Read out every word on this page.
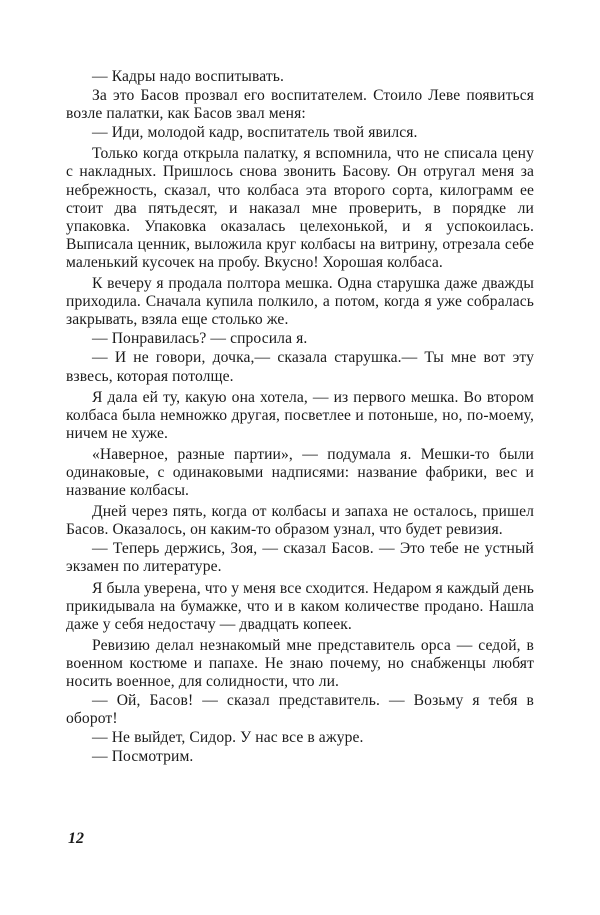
— Кадры надо воспитывать.

За это Басов прозвал его воспитателем. Стоило Леве появиться возле палатки, как Басов звал меня:

— Иди, молодой кадр, воспитатель твой явился.

Только когда открыла палатку, я вспомнила, что не списала цену с накладных. Пришлось снова звонить Басову. Он отругал меня за небрежность, сказал, что колбаса эта второго сорта, килограмм ее стоит два пятьдесят, и наказал мне проверить, в порядке ли упаковка. Упаковка оказалась целехонькой, и я успокоилась. Выписала ценник, выложила круг колбасы на витрину, отрезала себе маленький кусочек на пробу. Вкусно! Хорошая колбаса.

К вечеру я продала полтора мешка. Одна старушка даже дважды приходила. Сначала купила полкило, а потом, когда я уже собралась закрывать, взяла еще столько же.

— Понравилась? — спросила я.

— И не говори, дочка,— сказала старушка.— Ты мне вот эту взвесь, которая потолще.

Я дала ей ту, какую она хотела, — из первого мешка. Во втором колбаса была немножко другая, посветлее и потоньше, но, по-моему, ничем не хуже.

«Наверное, разные партии», — подумала я. Мешки-то были одинаковые, с одинаковыми надписями: название фабрики, вес и название колбасы.

Дней через пять, когда от колбасы и запаха не осталось, пришел Басов. Оказалось, он каким-то образом узнал, что будет ревизия.

— Теперь держись, Зоя, — сказал Басов. — Это тебе не устный экзамен по литературе.

Я была уверена, что у меня все сходится. Недаром я каждый день прикидывала на бумажке, что и в каком количестве продано. Нашла даже у себя недостачу — двадцать копеек.

Ревизию делал незнакомый мне представитель орса — седой, в военном костюме и папахе. Не знаю почему, но снабженцы любят носить военное, для солидности, что ли.

— Ой, Басов! — сказал представитель. — Возьму я тебя в оборот!

— Не выйдет, Сидор. У нас все в ажуре.

— Посмотрим.

12
